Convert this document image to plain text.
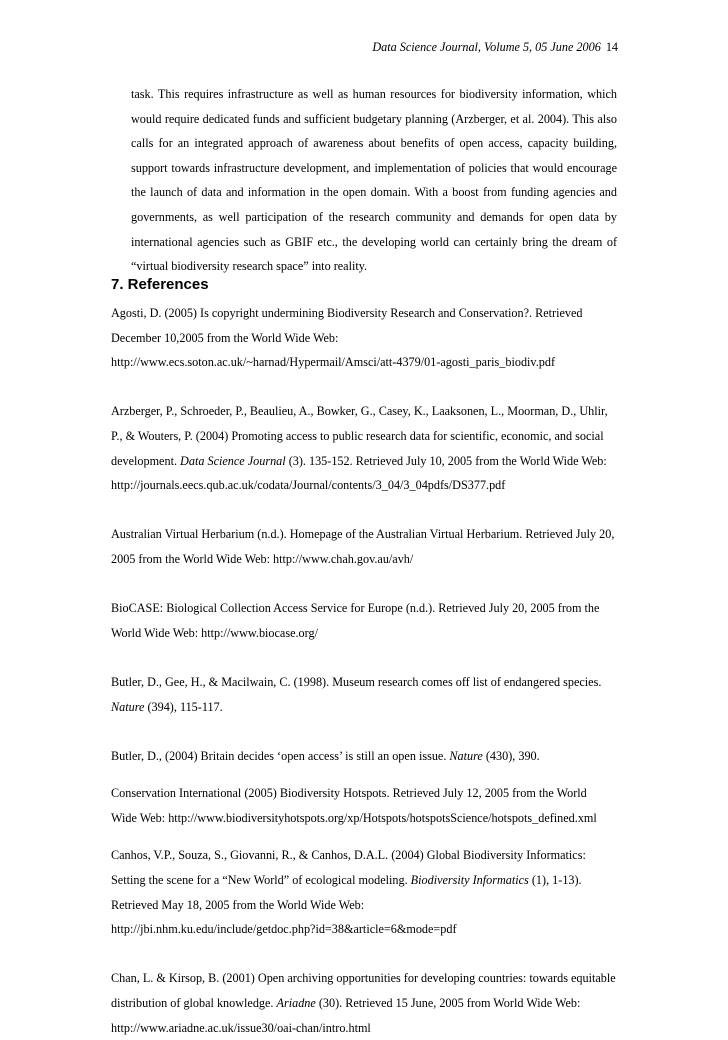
Data Science Journal, Volume 5, 05 June 2006 14

task. This requires infrastructure as well as human resources for biodiversity information, which would require dedicated funds and sufficient budgetary planning (Arzberger, et al. 2004). This also calls for an integrated approach of awareness about benefits of open access, capacity building, support towards infrastructure development, and implementation of policies that would encourage the launch of data and information in the open domain. With a boost from funding agencies and governments, as well participation of the research community and demands for open data by international agencies such as GBIF etc., the developing world can certainly bring the dream of “virtual biodiversity research space” into reality.

7. References
Agosti, D. (2005) Is copyright undermining Biodiversity Research and Conservation?. Retrieved
December 10,2005 from the World Wide Web:
http://www.ecs.soton.ac.uk/~harnad/Hypermail/Amsci/att-4379/01-agosti_paris_biodiv.pdf
Arzberger, P., Schroeder, P., Beaulieu, A., Bowker, G., Casey, K., Laaksonen, L., Moorman, D., Uhlir,
P., & Wouters, P. (2004) Promoting access to public research data for scientific, economic, and social
development. Data Science Journal (3). 135-152. Retrieved July 10, 2005 from the World Wide Web:
http://journals.eecs.qub.ac.uk/codata/Journal/contents/3_04/3_04pdfs/DS377.pdf
Australian Virtual Herbarium (n.d.). Homepage of the Australian Virtual Herbarium. Retrieved July 20,
2005 from the World Wide Web: http://www.chah.gov.au/avh/
BioCASE: Biological Collection Access Service for Europe (n.d.). Retrieved July 20, 2005 from the
World Wide Web: http://www.biocase.org/
Butler, D., Gee, H., & Macilwain, C. (1998). Museum research comes off list of endangered species.
Nature (394), 115-117.
Butler, D., (2004) Britain decides ‘open access’ is still an open issue. Nature (430), 390.
Conservation International (2005) Biodiversity Hotspots. Retrieved July 12, 2005 from the World
Wide Web: http://www.biodiversityhotspots.org/xp/Hotspots/hotspotsScience/hotspots_defined.xml
Canhos, V.P., Souza, S., Giovanni, R., & Canhos, D.A.L. (2004) Global Biodiversity Informatics:
Setting the scene for a “New World” of ecological modeling. Biodiversity Informatics (1), 1-13).
Retrieved May 18, 2005 from the World Wide Web:
http://jbi.nhm.ku.edu/include/getdoc.php?id=38&article=6&mode=pdf
Chan, L. & Kirsop, B. (2001) Open archiving opportunities for developing countries: towards equitable
distribution of global knowledge. Ariadne (30). Retrieved 15 June, 2005 from World Wide Web:
http://www.ariadne.ac.uk/issue30/oai-chan/intro.html
